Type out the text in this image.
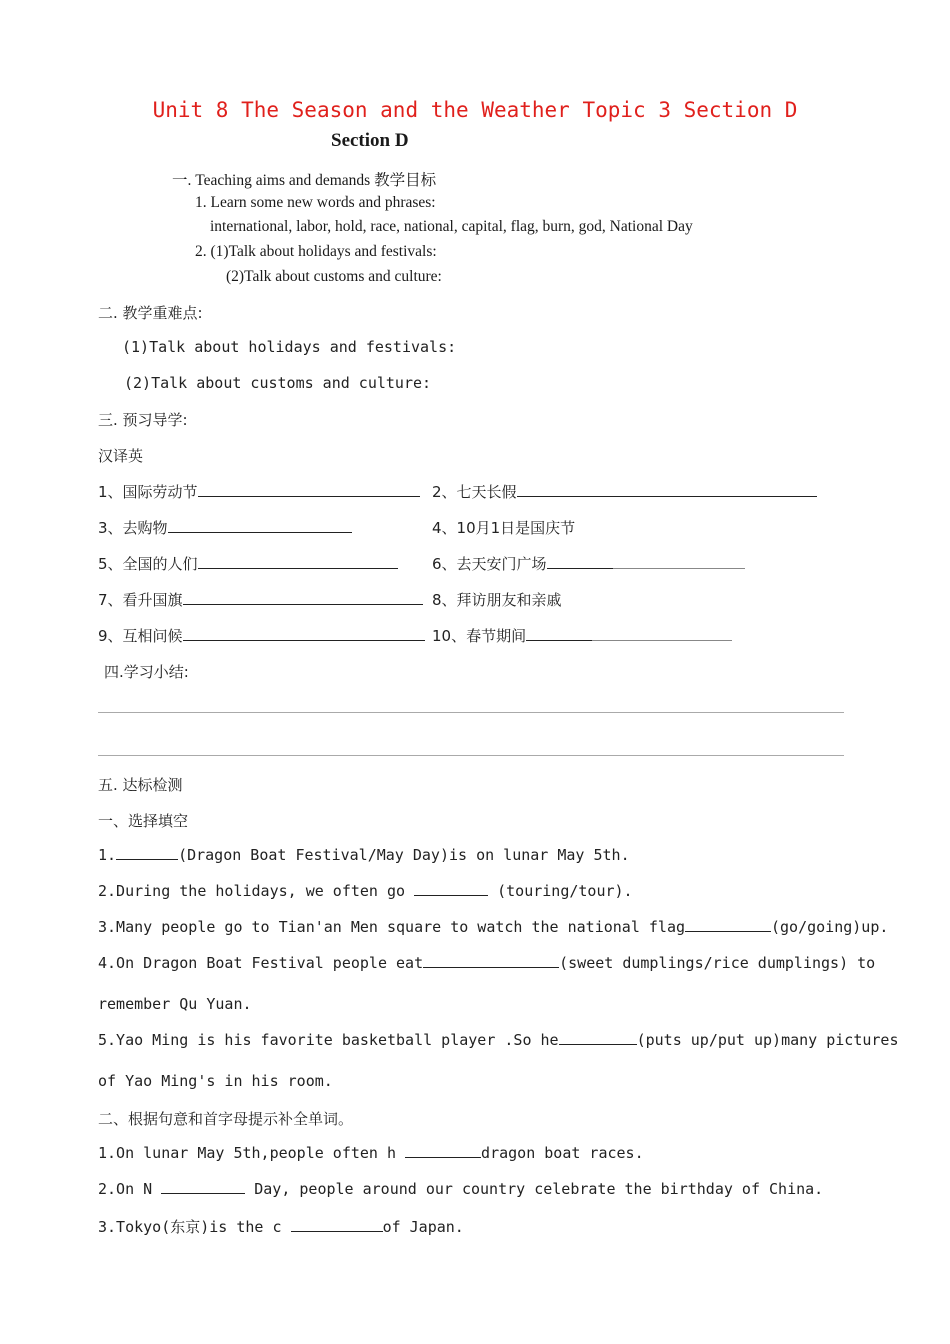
Unit 8 The Season and the Weather Topic 3 Section D
Section D
一. Teaching aims and demands 教学目标
1. Learn some new words and phrases:
international, labor, hold, race, national, capital, flag, burn, god, National Day
2. (1)Talk about holidays and festivals:
(2)Talk about customs and culture:
二. 教学重难点:
(1)Talk about holidays and festivals:
(2)Talk about customs and culture:
三. 预习导学:
汉译英
1、国际劳动节	2、七天长假
3、去购物	4、10月1日是国庆节
5、全国的人们	6、去天安门广场
7、看升国旗	8、拜访朋友和亲戚
9、互相问候	10、春节期间
四.学习小结:
五. 达标检测
一、选择填空
1.	(Dragon Boat Festival/May Day)is on lunar May 5th.
2.During the holidays, we often go	(touring/tour).
3.Many people go to Tian'an Men square to watch the national flag	(go/going)up.
4.On Dragon Boat Festival people eat	(sweet dumplings/rice dumplings) to
remember Qu Yuan.
5.Yao Ming is his favorite basketball player .So he	(puts up/put up)many pictures
of Yao Ming's in his room.
二、根据句意和首字母提示补全单词。
1.On lunar May 5th,people often h	dragon boat races.
2.On N	Day, people around our country celebrate the birthday of China.
3.Tokyo(东京)is the c	of Japan.
